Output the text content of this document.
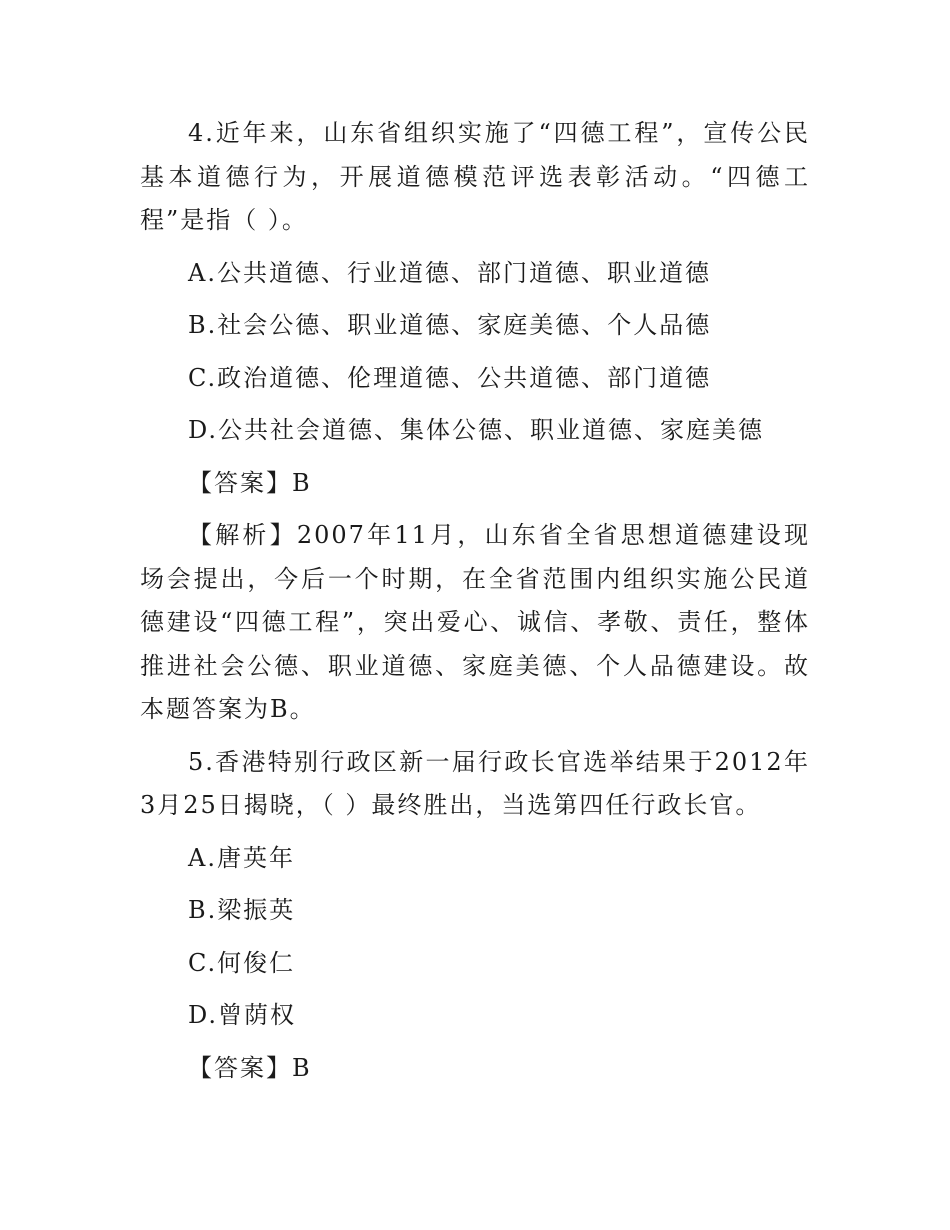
4.近年来，山东省组织实施了“四德工程”，宣传公民基本道德行为，开展道德模范评选表彰活动。“四德工程”是指（ ）。

A.公共道德、行业道德、部门道德、职业道德

B.社会公德、职业道德、家庭美德、个人品德

C.政治道德、伦理道德、公共道德、部门道德

D.公共社会道德、集体公德、职业道德、家庭美德

【答案】B

【解析】2007年11月，山东省全省思想道德建设现场会提出，今后一个时期，在全省范围内组织实施公民道德建设“四德工程”，突出爱心、诚信、孝敬、责任，整体推进社会公德、职业道德、家庭美德、个人品德建设。故本题答案为B。

5.香港特别行政区新一届行政长官选举结果于2012年3月25日揭晓，（ ）最终胜出，当选第四任行政长官。

A.唐英年

B.梁振英

C.何俊仁

D.曾荫权

【答案】B
